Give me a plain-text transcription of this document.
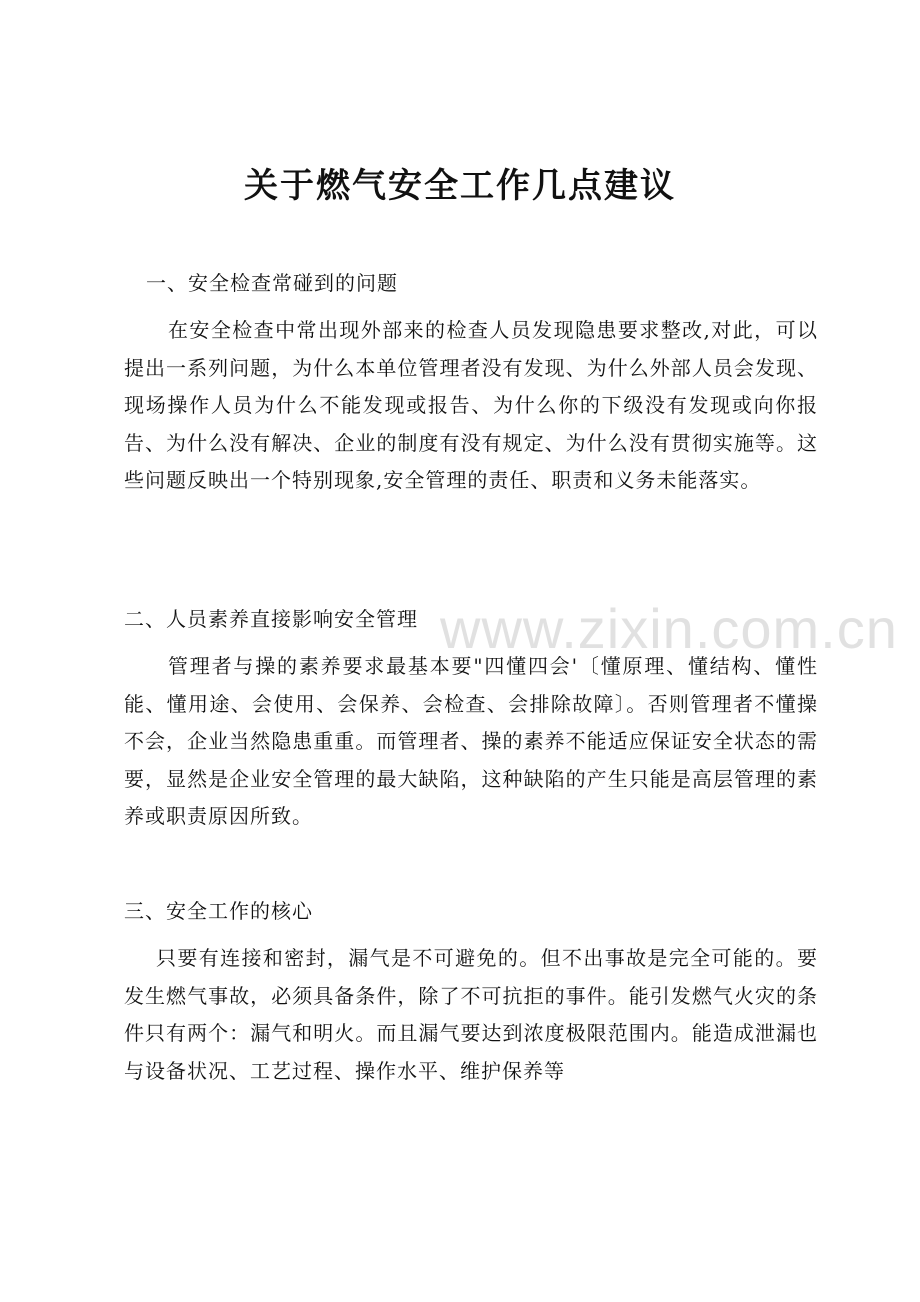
关于燃气安全工作几点建议
一、安全检查常碰到的问题

在安全检查中常出现外部来的检查人员发现隐患要求整改,对此，可以提出一系列问题，为什么本单位管理者没有发现、为什么外部人员会发现、现场操作人员为什么不能发现或报告、为什么你的下级没有发现或向你报告、为什么没有解决、企业的制度有没有规定、为什么没有贯彻实施等。这些问题反映出一个特别现象,安全管理的责任、职责和义务未能落实。

二、人员素养直接影响安全管理

管理者与操的素养要求最基本要"四懂四会'〔懂原理、懂结构、懂性能、懂用途、会使用、会保养、会检查、会排除故障〕。否则管理者不懂操不会，企业当然隐患重重。而管理者、操的素养不能适应保证安全状态的需要，显然是企业安全管理的最大缺陷，这种缺陷的产生只能是高层管理的素养或职责原因所致。

三、安全工作的核心

只要有连接和密封，漏气是不可避免的。但不出事故是完全可能的。要发生燃气事故，必须具备条件，除了不可抗拒的事件。能引发燃气火灾的条件只有两个：漏气和明火。而且漏气要达到浓度极限范围内。能造成泄漏也与设备状况、工艺过程、操作水平、维护保养等

www.zixin.com.cn
